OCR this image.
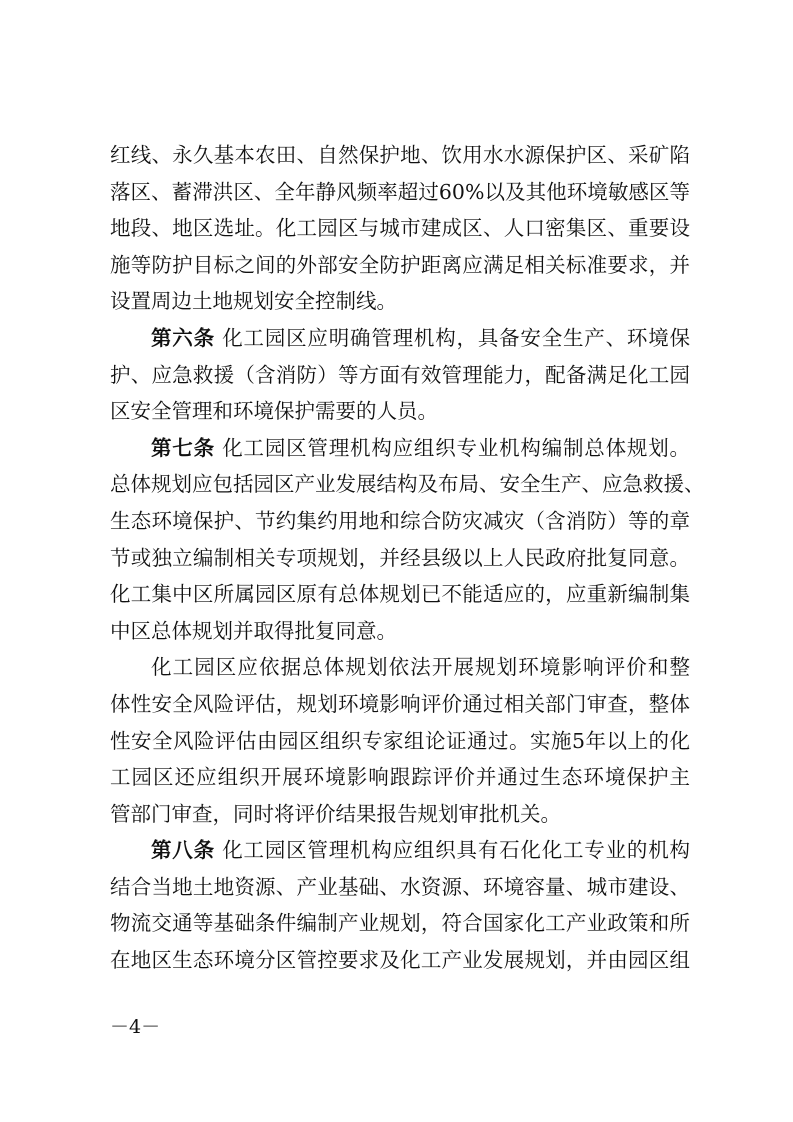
红线、永久基本农田、自然保护地、饮用水水源保护区、采矿陷
落区、蓄滞洪区、全年静风频率超过60%以及其他环境敏感区等
地段、地区选址。化工园区与城市建成区、人口密集区、重要设
施等防护目标之间的外部安全防护距离应满足相关标准要求，并
设置周边土地规划安全控制线。
第六条 化工园区应明确管理机构，具备安全生产、环境保
护、应急救援（含消防）等方面有效管理能力，配备满足化工园
区安全管理和环境保护需要的人员。
第七条 化工园区管理机构应组织专业机构编制总体规划。
总体规划应包括园区产业发展结构及布局、安全生产、应急救援、
生态环境保护、节约集约用地和综合防灾减灾（含消防）等的章
节或独立编制相关专项规划，并经县级以上人民政府批复同意。
化工集中区所属园区原有总体规划已不能适应的，应重新编制集
中区总体规划并取得批复同意。
化工园区应依据总体规划依法开展规划环境影响评价和整
体性安全风险评估，规划环境影响评价通过相关部门审查，整体
性安全风险评估由园区组织专家组论证通过。实施5年以上的化
工园区还应组织开展环境影响跟踪评价并通过生态环境保护主
管部门审查，同时将评价结果报告规划审批机关。
第八条 化工园区管理机构应组织具有石化化工专业的机构
结合当地土地资源、产业基础、水资源、环境容量、城市建设、
物流交通等基础条件编制产业规划，符合国家化工产业政策和所
在地区生态环境分区管控要求及化工产业发展规划，并由园区组
－4－
